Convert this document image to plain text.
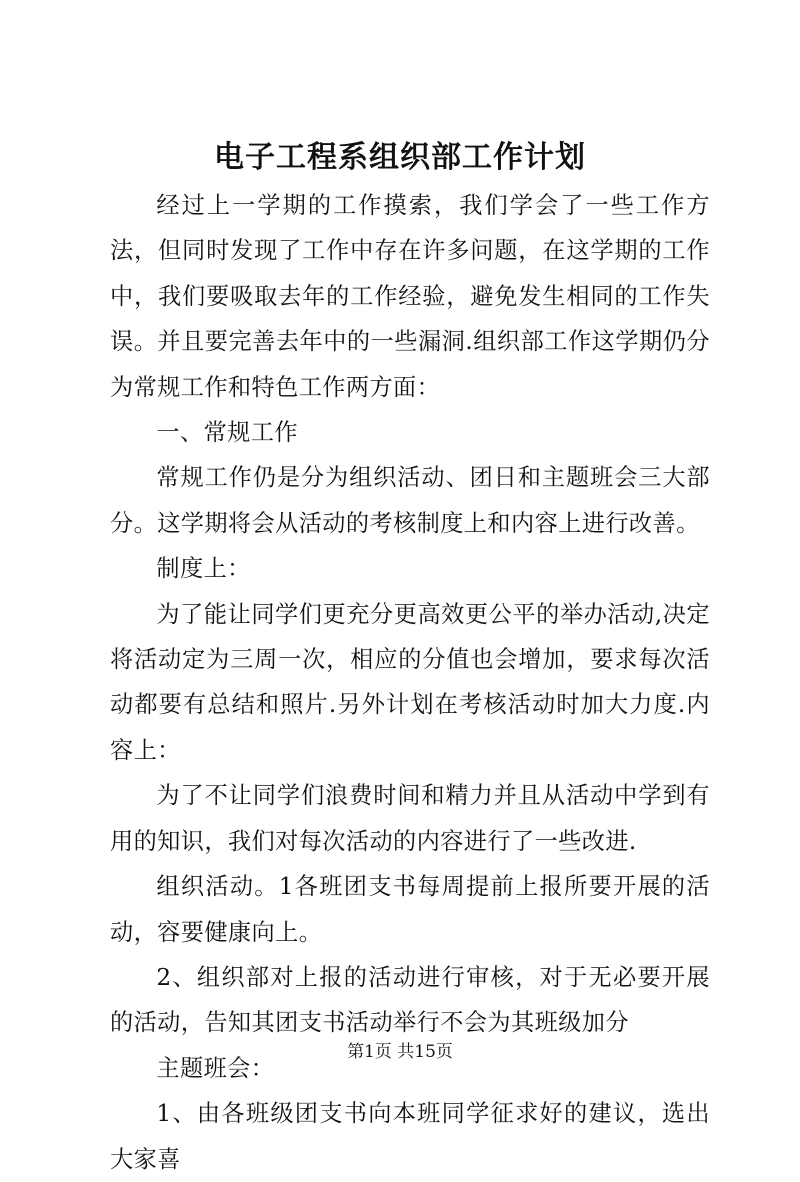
电子工程系组织部工作计划

经过上一学期的工作摸索，我们学会了一些工作方法，但同时发现了工作中存在许多问题，在这学期的工作中，我们要吸取去年的工作经验，避免发生相同的工作失误。并且要完善去年中的一些漏洞.组织部工作这学期仍分为常规工作和特色工作两方面：

一、常规工作

常规工作仍是分为组织活动、团日和主题班会三大部分。这学期将会从活动的考核制度上和内容上进行改善。

制度上：

为了能让同学们更充分更高效更公平的举办活动,决定将活动定为三周一次，相应的分值也会增加，要求每次活动都要有总结和照片.另外计划在考核活动时加大力度.内容上：

为了不让同学们浪费时间和精力并且从活动中学到有用的知识，我们对每次活动的内容进行了一些改进.

组织活动。1各班团支书每周提前上报所要开展的活动，容要健康向上。

2、组织部对上报的活动进行审核，对于无必要开展的活动，告知其团支书活动举行不会为其班级加分

主题班会：

1、由各班级团支书向本班同学征求好的建议，选出大家喜

第1页 共15页
